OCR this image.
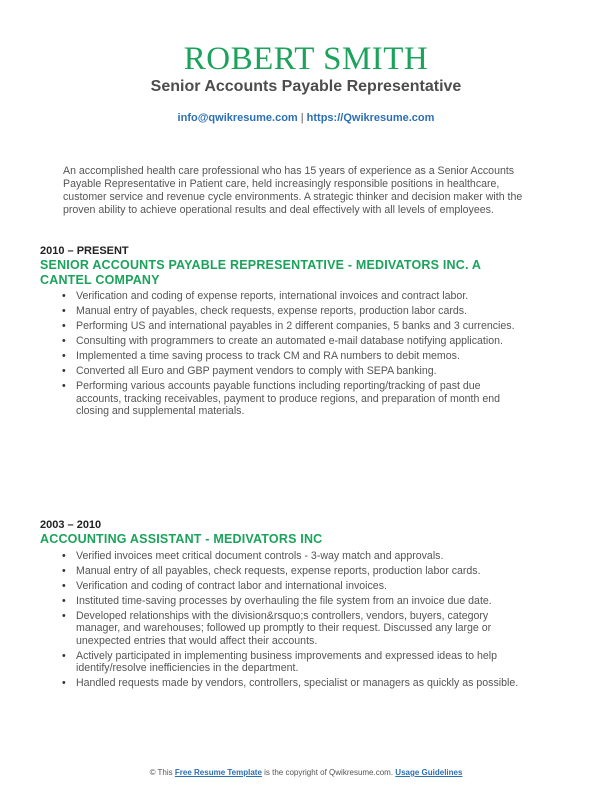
ROBERT SMITH
Senior Accounts Payable Representative
info@qwikresume.com | https://Qwikresume.com
An accomplished health care professional who has 15 years of experience as a Senior Accounts Payable Representative in Patient care, held increasingly responsible positions in healthcare, customer service and revenue cycle environments. A strategic thinker and decision maker with the proven ability to achieve operational results and deal effectively with all levels of employees.
2010 – PRESENT
SENIOR ACCOUNTS PAYABLE REPRESENTATIVE - MEDIVATORS INC. A CANTEL COMPANY
• Verification and coding of expense reports, international invoices and contract labor.
• Manual entry of payables, check requests, expense reports, production labor cards.
• Performing US and international payables in 2 different companies, 5 banks and 3 currencies.
• Consulting with programmers to create an automated e-mail database notifying application.
• Implemented a time saving process to track CM and RA numbers to debit memos.
• Converted all Euro and GBP payment vendors to comply with SEPA banking.
• Performing various accounts payable functions including reporting/tracking of past due accounts, tracking receivables, payment to produce regions, and preparation of month end closing and supplemental materials.
2003 – 2010
ACCOUNTING ASSISTANT - MEDIVATORS INC
• Verified invoices meet critical document controls - 3-way match and approvals.
• Manual entry of all payables, check requests, expense reports, production labor cards.
• Verification and coding of contract labor and international invoices.
• Instituted time-saving processes by overhauling the file system from an invoice due date.
• Developed relationships with the division&rsquo;s controllers, vendors, buyers, category manager, and warehouses; followed up promptly to their request. Discussed any large or unexpected entries that would affect their accounts.
• Actively participated in implementing business improvements and expressed ideas to help identify/resolve inefficiencies in the department.
• Handled requests made by vendors, controllers, specialist or managers as quickly as possible.
© This Free Resume Template is the copyright of Qwikresume.com. Usage Guidelines
